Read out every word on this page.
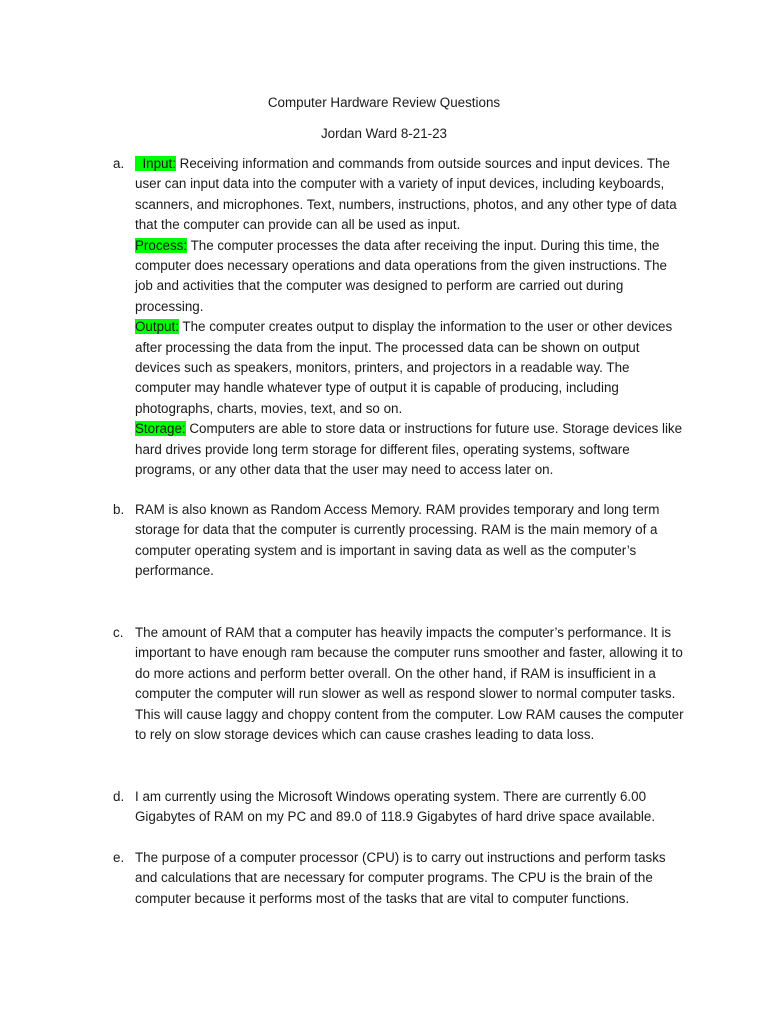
Computer Hardware Review Questions
Jordan Ward 8-21-23
a. Input: Receiving information and commands from outside sources and input devices. The user can input data into the computer with a variety of input devices, including keyboards, scanners, and microphones. Text, numbers, instructions, photos, and any other type of data that the computer can provide can all be used as input.

Process: The computer processes the data after receiving the input. During this time, the computer does necessary operations and data operations from the given instructions. The job and activities that the computer was designed to perform are carried out during processing.

Output: The computer creates output to display the information to the user or other devices after processing the data from the input. The processed data can be shown on output devices such as speakers, monitors, printers, and projectors in a readable way. The computer may handle whatever type of output it is capable of producing, including photographs, charts, movies, text, and so on.

Storage: Computers are able to store data or instructions for future use. Storage devices like hard drives provide long term storage for different files, operating systems, software programs, or any other data that the user may need to access later on.

b. RAM is also known as Random Access Memory. RAM provides temporary and long term storage for data that the computer is currently processing. RAM is the main memory of a computer operating system and is important in saving data as well as the computer’s performance.
c. The amount of RAM that a computer has heavily impacts the computer’s performance. It is important to have enough ram because the computer runs smoother and faster, allowing it to do more actions and perform better overall. On the other hand, if RAM is insufficient in a computer the computer will run slower as well as respond slower to normal computer tasks. This will cause laggy and choppy content from the computer. Low RAM causes the computer to rely on slow storage devices which can cause crashes leading to data loss.
d. I am currently using the Microsoft Windows operating system. There are currently 6.00 Gigabytes of RAM on my PC and 89.0 of 118.9 Gigabytes of hard drive space available.
e. The purpose of a computer processor (CPU) is to carry out instructions and perform tasks and calculations that are necessary for computer programs. The CPU is the brain of the computer because it performs most of the tasks that are vital to computer functions.
